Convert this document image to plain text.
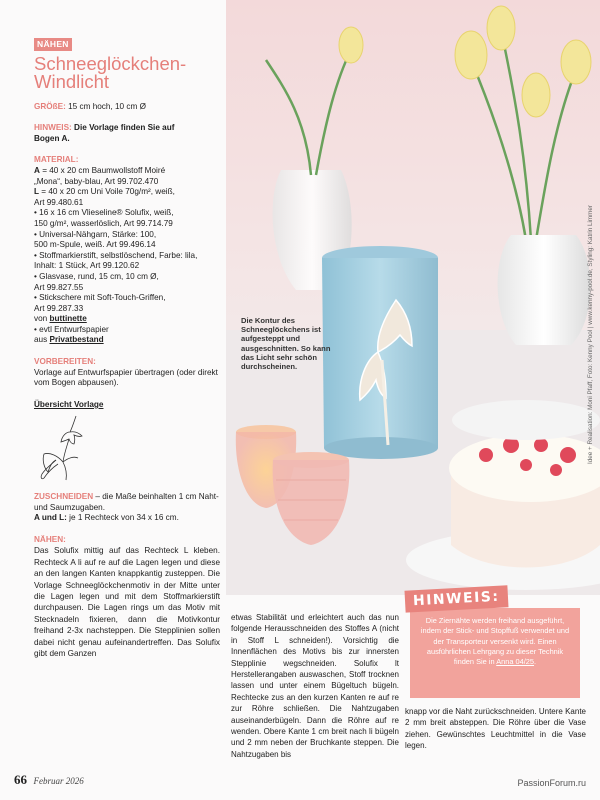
NÄHEN
Schneeglöckchen-
Windlicht
GRÖßE: 15 cm hoch, 10 cm Ø
HINWEIS: Die Vorlage finden Sie auf
Bogen A.
MATERIAL:

A = 40 x 20 cm Baumwollstoff Moiré

„Mona“, baby-blau, Art 99.702.470

L = 40 x 20 cm Uni Voile 70g/m², weiß,

Art 99.480.61

• 16 x 16 cm Vlieseline® Solufix, weiß,

150 g/m², wasserlöslich, Art 99.714.79

• Universal-Nähgarn, Stärke: 100,

500 m-Spule, weiß. Art 99.496.14

• Stoffmarkierstift, selbstlöschend, Farbe: lila,

Inhalt: 1 Stück, Art 99.120.62

• Glasvase, rund, 15 cm, 10 cm Ø,

Art 99.827.55

• Stickschere mit Soft-Touch-Griffen,

Art 99.287.33

von buttinette

• evtl Entwurfspapier

aus Privatbestand

VORBEREITEN:
Vorlage auf Entwurfspapier übertragen (oder direkt vom Bogen abpausen).
Übersicht Vorlage
ZUSCHNEIDEN – die Maße beinhalten 1 cm Naht- und Saumzugaben.
A und L: je 1 Rechteck von 34 x 16 cm.
NÄHEN:
Das Solufix mittig auf das Rechteck L kleben. Rechteck A li auf re auf die Lagen legen und diese an den langen Kanten knappkantig zusteppen. Die Vorlage Schneeglöckchenmotiv in der Mitte unter die Lagen legen und mit dem Stoffmarkierstift durchpausen. Die Lagen rings um das Motiv mit Stecknadeln fixieren, dann die Motivkontur freihand 2-3x nachsteppen. Die Stepplinien sollen dabei nicht genau aufeinandertreffen. Das Solufix gibt dem Ganzen
Idee + Realisation: Moni Pfaff, Foto: Kenny Pool | www.kenny-pool.de, Styling: Katrin Limmer
Die Kontur des Schneeglöckchens ist aufgesteppt und ausgeschnitten. So kann das Licht sehr schön durchscheinen.
Die Ziernähte werden freihand ausgeführt, indem der Stick- und Stopffuß verwendet und der Transporteur versenkt wird. Einen ausführlichen Lehrgang zu dieser Technik finden Sie in Anna 04/25.
HINWEIS:
etwas Stabilität und erleichtert auch das nun folgende Herausschneiden des Stoffes A (nicht in Stoff L schneiden!). Vorsichtig die Innenflächen des Motivs bis zur innersten Stepplinie wegschneiden. Solufix lt Herstellerangaben auswaschen, Stoff trocknen lassen und unter einem Bügeltuch bügeln. Rechtecke zus an den kurzen Kanten re auf re zur Röhre schließen. Die Nahtzugaben auseinanderbügeln. Dann die Röhre auf re wenden. Obere Kante 1 cm breit nach li bügeln und 2 mm neben der Bruchkante steppen. Die Nahtzugaben bis
knapp vor die Naht zurückschneiden. Untere Kante 2 mm breit absteppen. Die Röhre über die Vase ziehen. Gewünschtes Leuchtmittel in die Vase legen.
66 Februar 2026	PassionForum.ru
